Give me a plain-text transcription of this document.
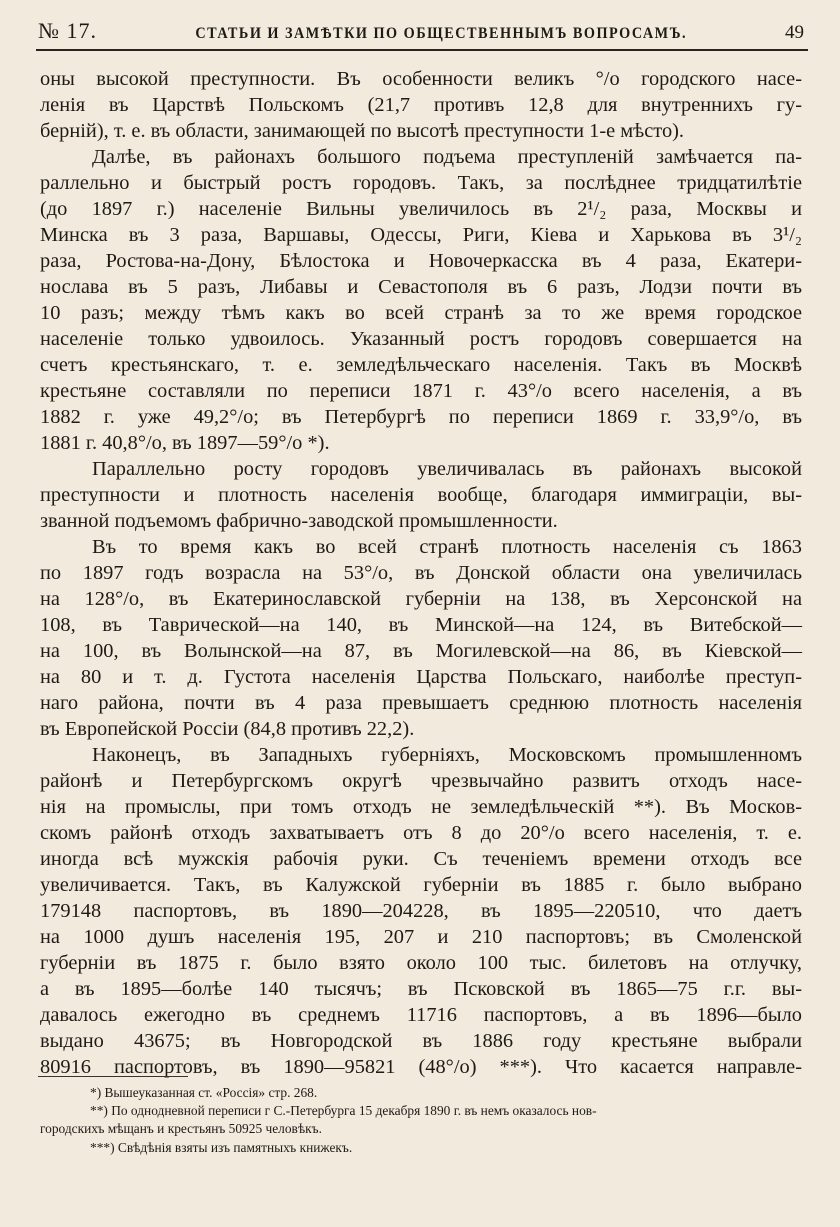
№ 17.	СТАТЬИ И ЗАМѢТКИ ПО ОБЩЕСТВЕННЫМЪ ВОПРОСАМЪ.	49
оны высокой преступности. Въ особенности великъ °/о городского насе-
ленія въ Царствѣ Польскомъ (21,7 противъ 12,8 для внутреннихъ гу-
берній), т. е. въ области, занимающей по высотѣ преступности 1-е мѣсто).
Далѣе, въ районахъ большого подъема преступленій замѣчается па-
раллельно и быстрый ростъ городовъ. Такъ, за послѣднее тридцатилѣтіе
(до 1897 г.) населеніе Вильны увеличилось въ 2¹/₂ раза, Москвы и
Минска въ 3 раза, Варшавы, Одессы, Риги, Кіева и Харькова въ 3¹/₂
раза, Ростова-на-Дону, Бѣлостока и Новочеркасска въ 4 раза, Екатери-
нослава въ 5 разъ, Либавы и Севастополя въ 6 разъ, Лодзи почти въ
10 разъ; между тѣмъ какъ во всей странѣ за то же время городское
населеніе только удвоилось. Указанный ростъ городовъ совершается на
счетъ крестьянскаго, т. е. земледѣльческаго населенія. Такъ въ Москвѣ
крестьяне составляли по переписи 1871 г. 43°/о всего населенія, а въ
1882 г. уже 49,2°/о; въ Петербургѣ по переписи 1869 г. 33,9°/о, въ
1881 г. 40,8°/о, въ 1897—59°/о *).
Параллельно росту городовъ увеличивалась въ районахъ высокой
преступности и плотность населенія вообще, благодаря иммиграціи, вы-
званной подъемомъ фабрично-заводской промышленности.
Въ то время какъ во всей странѣ плотность населенія съ 1863
по 1897 годъ возрасла на 53°/о, въ Донской области она увеличилась
на 128°/о, въ Екатеринославской губерніи на 138, въ Херсонской на
108, въ Таврической—на 140, въ Минской—на 124, въ Витебской—
на 100, въ Волынской—на 87, въ Могилевской—на 86, въ Кіевской—
на 80 и т. д. Густота населенія Царства Польскаго, наиболѣе преступ-
наго района, почти въ 4 раза превышаетъ среднюю плотность населенія
въ Европейской Россіи (84,8 противъ 22,2).
Наконецъ, въ Западныхъ губерніяхъ, Московскомъ промышленномъ
районѣ и Петербургскомъ округѣ чрезвычайно развитъ отходъ насе-
нія на промыслы, при томъ отходъ не земледѣльческій **). Въ Москов-
скомъ районѣ отходъ захватываетъ отъ 8 до 20°/о всего населенія, т. е.
иногда всѣ мужскія рабочія руки. Съ теченіемъ времени отходъ все
увеличивается. Такъ, въ Калужской губерніи въ 1885 г. было выбрано
179148 паспортовъ, въ 1890—204228, въ 1895—220510, что даетъ
на 1000 душъ населенія 195, 207 и 210 паспортовъ; въ Смоленской
губерніи въ 1875 г. было взято около 100 тыс. билетовъ на отлучку,
а въ 1895—болѣе 140 тысячъ; въ Псковской въ 1865—75 г.г. вы-
давалось ежегодно въ среднемъ 11716 паспортовъ, а въ 1896—было
выдано 43675; въ Новгородской въ 1886 году крестьяне выбрали
80916 паспортовъ, въ 1890—95821 (48°/о) ***). Что касается направле-
*) Вышеуказанная ст. «Россія» стр. 268.
**) По однодневной переписи г С.-Петербурга 15 декабря 1890 г. въ немъ оказалось нов-
городскихъ мѣщанъ и крестьянъ 50925 человѣкъ.
***) Свѣдѣнія взяты изъ памятныхъ книжекъ.
